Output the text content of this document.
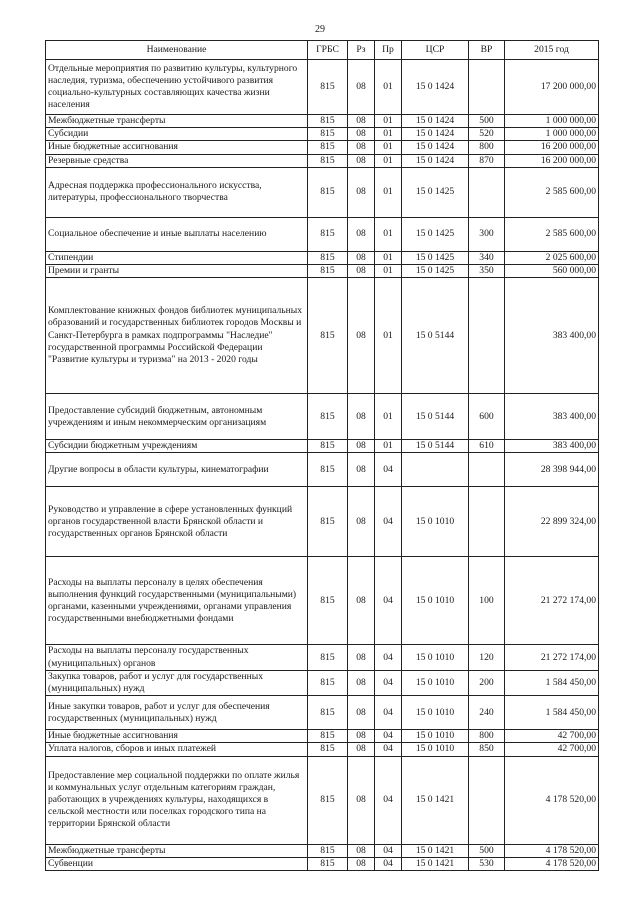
29
Наименование	ГРБС	Рз	Пр	ЦСР	ВР	2015 год
Отдельные мероприятия по развитию культуры, культурного наследия, туризма, обеспечению устойчивого развития социально-культурных составляющих качества жизни населения	815	08	01	15 0 1424		17 200 000,00
Межбюджетные трансферты	815	08	01	15 0 1424	500	1 000 000,00
Субсидии	815	08	01	15 0 1424	520	1 000 000,00
Иные бюджетные ассигнования	815	08	01	15 0 1424	800	16 200 000,00
Резервные средства	815	08	01	15 0 1424	870	16 200 000,00
Адресная поддержка профессионального искусства, литературы, профессионального творчества	815	08	01	15 0 1425		2 585 600,00
Социальное обеспечение и иные выплаты населению	815	08	01	15 0 1425	300	2 585 600,00
Стипендии	815	08	01	15 0 1425	340	2 025 600,00
Премии и гранты	815	08	01	15 0 1425	350	560 000,00
Комплектование книжных фондов библиотек муниципальных образований и государственных библиотек городов Москвы и Санкт-Петербурга в рамках подпрограммы "Наследие" государственной программы Российской Федерации "Развитие культуры и туризма" на 2013 - 2020 годы	815	08	01	15 0 5144		383 400,00
Предоставление субсидий бюджетным, автономным учреждениям и иным некоммерческим организациям	815	08	01	15 0 5144	600	383 400,00
Субсидии бюджетным учреждениям	815	08	01	15 0 5144	610	383 400,00
Другие вопросы в области культуры, кинематографии	815	08	04			28 398 944,00
Руководство и управление в сфере установленных функций органов государственной власти Брянской области и государственных органов Брянской области	815	08	04	15 0 1010		22 899 324,00
Расходы на выплаты персоналу в целях обеспечения выполнения функций государственными (муниципальными) органами, казенными учреждениями, органами управления государственными внебюджетными фондами	815	08	04	15 0 1010	100	21 272 174,00
Расходы на выплаты персоналу государственных (муниципальных) органов	815	08	04	15 0 1010	120	21 272 174,00
Закупка товаров, работ и услуг для государственных (муниципальных) нужд	815	08	04	15 0 1010	200	1 584 450,00
Иные закупки товаров, работ и услуг для обеспечения государственных (муниципальных) нужд	815	08	04	15 0 1010	240	1 584 450,00
Иные бюджетные ассигнования	815	08	04	15 0 1010	800	42 700,00
Уплата налогов, сборов и иных платежей	815	08	04	15 0 1010	850	42 700,00
Предоставление мер социальной поддержки по оплате жилья и коммунальных услуг отдельным категориям граждан, работающих в учреждениях культуры, находящихся в сельской местности или поселках городского типа на территории Брянской области	815	08	04	15 0 1421		4 178 520,00
Межбюджетные трансферты	815	08	04	15 0 1421	500	4 178 520,00
Субвенции	815	08	04	15 0 1421	530	4 178 520,00
